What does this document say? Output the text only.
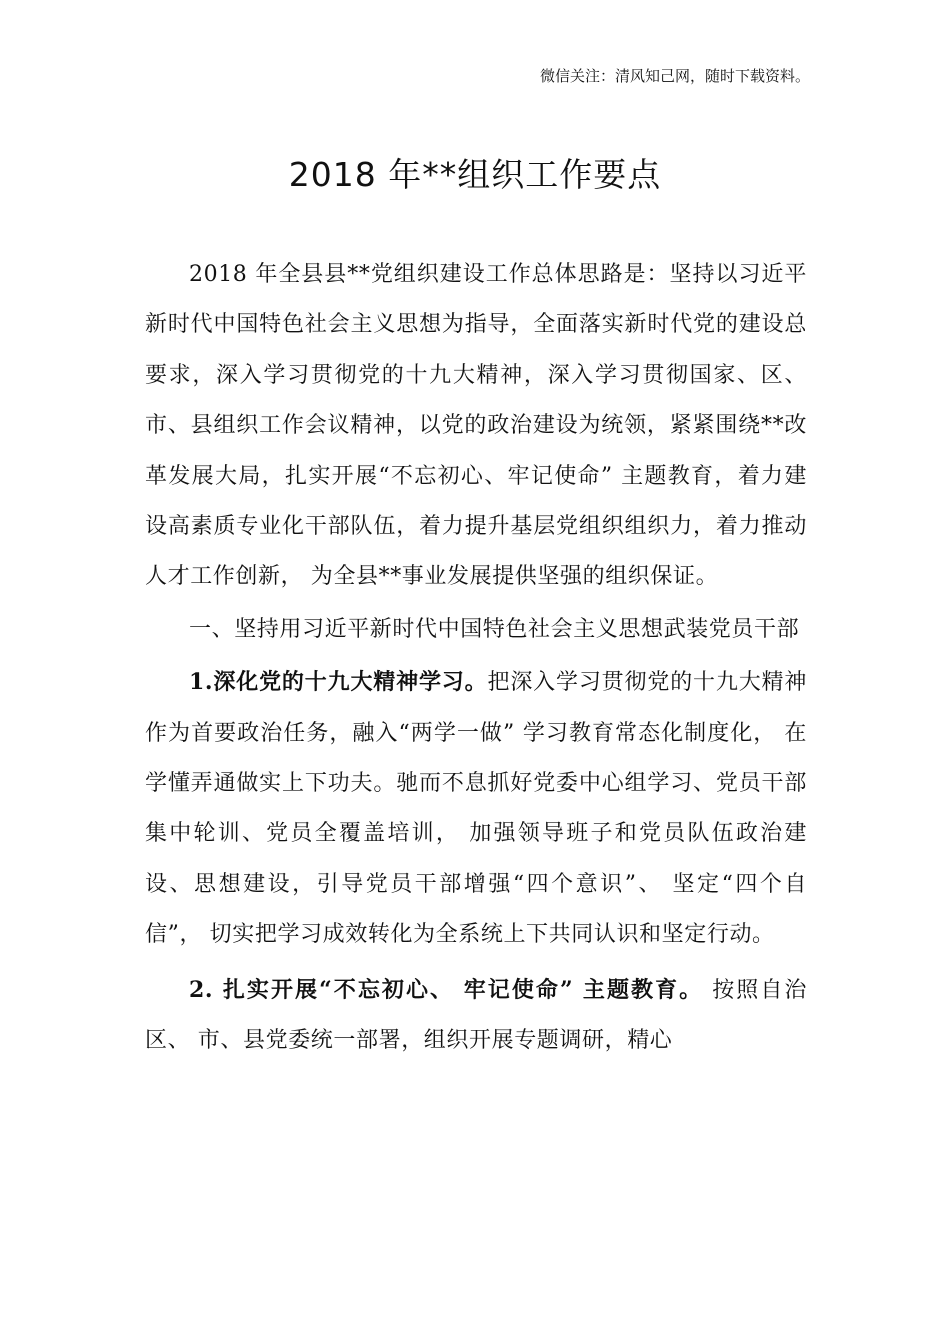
微信关注：清风知己网，随时下载资料。
2018 年**组织工作要点

2018 年全县县**党组织建设工作总体思路是：坚持以习近平新时代中国特色社会主义思想为指导，全面落实新时代党的建设总要求，深入学习贯彻党的十九大精神，深入学习贯彻国家、区、市、县组织工作会议精神，以党的政治建设为统领，紧紧围绕**改革发展大局，扎实开展“不忘初心、牢记使命” 主题教育，着力建设高素质专业化干部队伍，着力提升基层党组织组织力，着力推动人才工作创新， 为全县**事业发展提供坚强的组织保证。

一、坚持用习近平新时代中国特色社会主义思想武装党员干部

1.深化党的十九大精神学习。把深入学习贯彻党的十九大精神作为首要政治任务，融入“两学一做” 学习教育常态化制度化， 在学懂弄通做实上下功夫。驰而不息抓好党委中心组学习、党员干部集中轮训、党员全覆盖培训， 加强领导班子和党员队伍政治建设、思想建设，引导党员干部增强“四个意识”、 坚定“四个自信”， 切实把学习成效转化为全系统上下共同认识和坚定行动。

2. 扎实开展“不忘初心、 牢记使命” 主题教育。 按照自治区、 市、县党委统一部署，组织开展专题调研，精心
